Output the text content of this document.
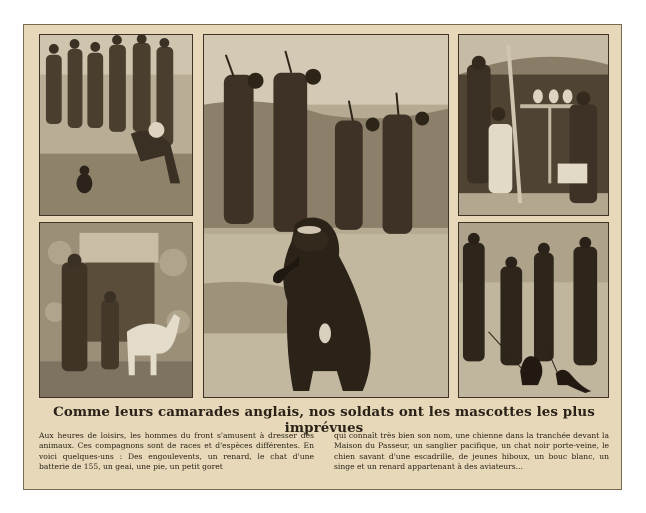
Comme leurs camarades anglais, nos soldats ont les mascottes les plus imprévues
Aux heures de loisirs, les hommes du front s'amusent à dresser des animaux. Ces compagnons sont de races et d'espèces différentes. En voici quelques-uns : Des engoulevents, un renard, le chat d'une batterie de 155, un geai, une pie, un petit goret
qui connaît très bien son nom, une chienne dans la tranchée devant la Maison du Passeur, un sanglier pacifique, un chat noir porte-veine, le chien savant d'une escadrille, de jeunes hiboux, un bouc blanc, un singe et un renard appartenant à des aviateurs...
